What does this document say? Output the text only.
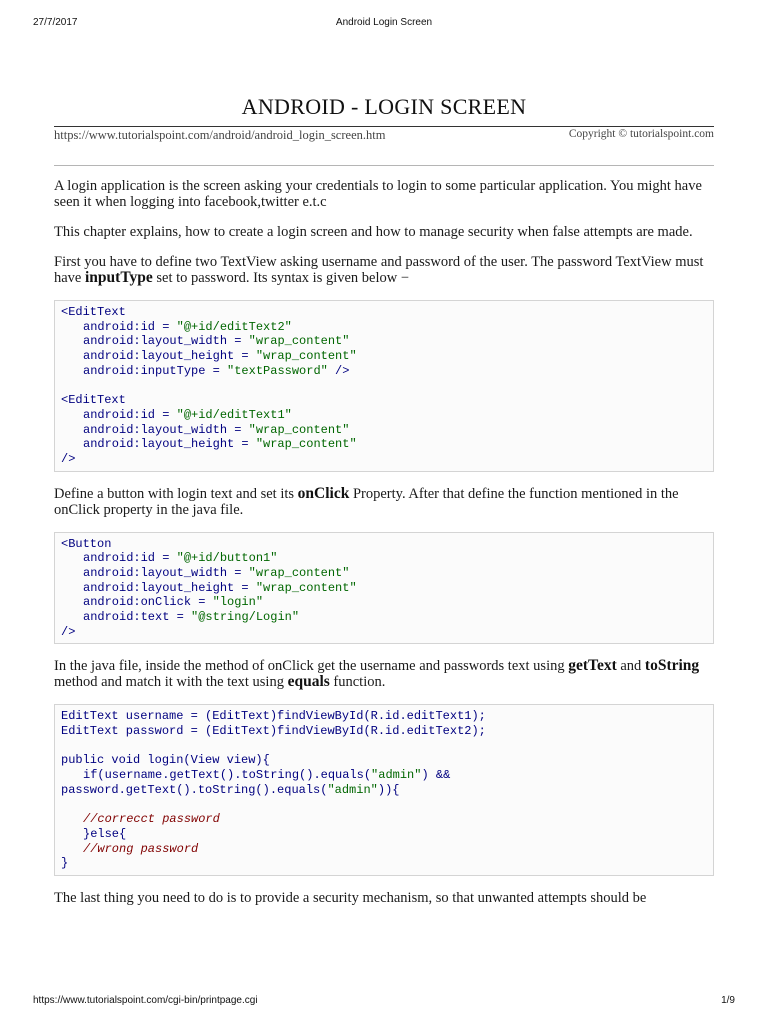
27/7/2017	Android Login Screen
ANDROID - LOGIN SCREEN
https://www.tutorialspoint.com/android/android_login_screen.htm	Copyright © tutorialspoint.com

A login application is the screen asking your credentials to login to some particular application. You might have seen it when logging into facebook,twitter e.t.c

This chapter explains, how to create a login screen and how to manage security when false attempts are made.

First you have to define two TextView asking username and password of the user. The password TextView must have inputType set to password. Its syntax is given below −

<EditText
android:id = "@+id/editText2"
android:layout_width = "wrap_content"
android:layout_height = "wrap_content"
android:inputType = "textPassword" />

<EditText
android:id = "@+id/editText1"
android:layout_width = "wrap_content"
android:layout_height = "wrap_content"
/>

Define a button with login text and set its onClick Property. After that define the function mentioned in the onClick property in the java file.

<Button
android:id = "@+id/button1"
android:layout_width = "wrap_content"
android:layout_height = "wrap_content"
android:onClick = "login"
android:text = "@string/Login"
/>

In the java file, inside the method of onClick get the username and passwords text using getText and toString method and match it with the text using equals function.

EditText username = (EditText)findViewById(R.id.editText1);
EditText password = (EditText)findViewById(R.id.editText2);

public void login(View view){
if(username.getText().toString().equals("admin") &&
password.getText().toString().equals("admin")){

//correcct password
}else{
//wrong password
}

The last thing you need to do is to provide a security mechanism, so that unwanted attempts should be

https://www.tutorialspoint.com/cgi-bin/printpage.cgi	1/9
